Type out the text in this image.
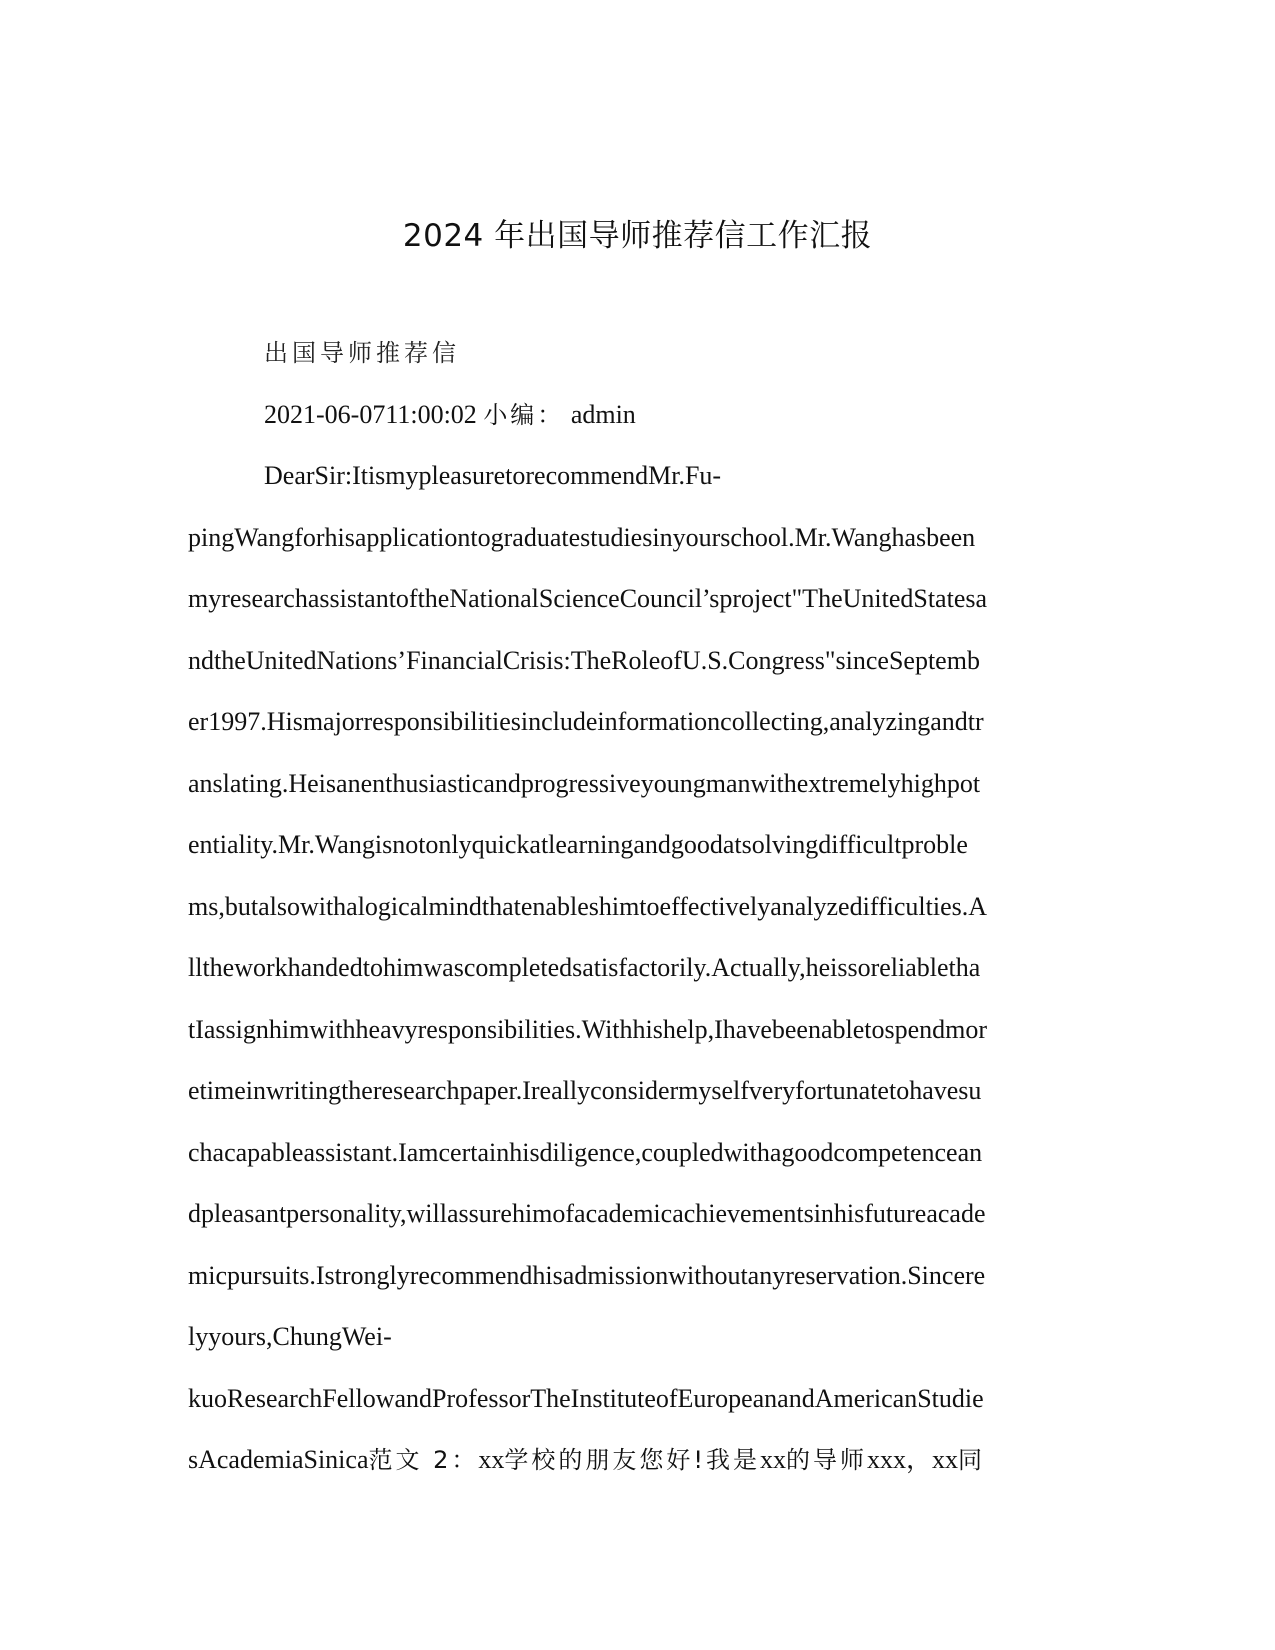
2024 年出国导师推荐信工作汇报
出国导师推荐信
2021-06-0711:00:02 小编： admin
DearSir:ItismypleasuretorecommendMr.Fu-
pingWangforhisapplicationtograduatestudiesinyourschool.Mr.Wanghasbeen
myresearchassistantoftheNationalScienceCouncil’sproject"TheUnitedStatesa
ndtheUnitedNations’FinancialCrisis:TheRoleofU.S.Congress"sinceSeptemb
er1997.Hismajorresponsibilitiesincludeinformationcollecting,analyzingandtr
anslating.Heisanenthusiasticandprogressiveyoungmanwithextremelyhighpot
entiality.Mr.Wangisnotonlyquickatlearningandgoodatsolvingdifficultproble
ms,butalsowithalogicalmindthatenableshimtoeffectivelyanalyzedifficulties.A
lltheworkhandedtohimwascompletedsatisfactorily.Actually,heissoreliabletha
tIassignhimwithheavyresponsibilities.Withhishelp,Ihavebeenabletospendmor
etimeinwritingtheresearchpaper.Ireallyconsidermyselfveryfortunatetohavesu
chacapableassistant.Iamcertainhisdiligence,coupledwithagoodcompetencean
dpleasantpersonality,willassurehimofacademicachievementsinhisfutureacade
micpursuits.Istronglyrecommendhisadmissionwithoutanyreservation.Sincere
lyyours,ChungWei-
kuoResearchFellowandProfessorTheInstituteofEuropeanandAmericanStudie
sAcademiaSinica范文 2：xx学校的朋友您好!我是xx的导师xxx，xx同
